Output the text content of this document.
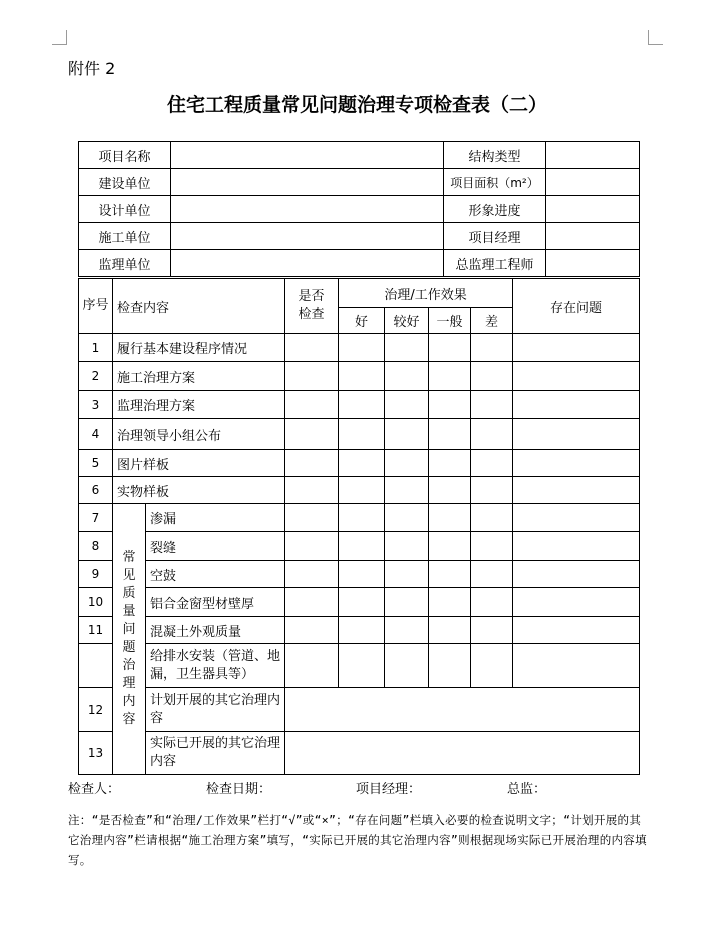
附件 2
住宅工程质量常见问题治理专项检查表（二）
项目名称		结构类型	
建设单位		项目面积（m²）	
设计单位		形象进度	
施工单位		项目经理	
监理单位		总监理工程师	
序号	检查内容		是否检查	治理/工作效果				存在问题
				好	较好	一般	差	
1	履行基本建设程序情况							
2	施工治理方案							
3	监理治理方案							
4	治理领导小组公布							
5	图片样板							
6	实物样板							
7	常见质量问题治理内容	渗漏						
8		裂缝						
9		空鼓						
10		铝合金窗型材壁厚						
11		混凝土外观质量						
		给排水安装（管道、地漏，卫生器具等）						
12		计划开展的其它治理内容						
13		实际已开展的其它治理内容						
检查人：	检查日期：	项目经理：	总监：
注：“是否检查”和“治理/工作效果”栏打“√”或“×”；“存在问题”栏填入必要的检查说明文字；“计划开展的其它治理内容”栏请根据“施工治理方案”填写，“实际已开展的其它治理内容”则根据现场实际已开展治理的内容填写。
